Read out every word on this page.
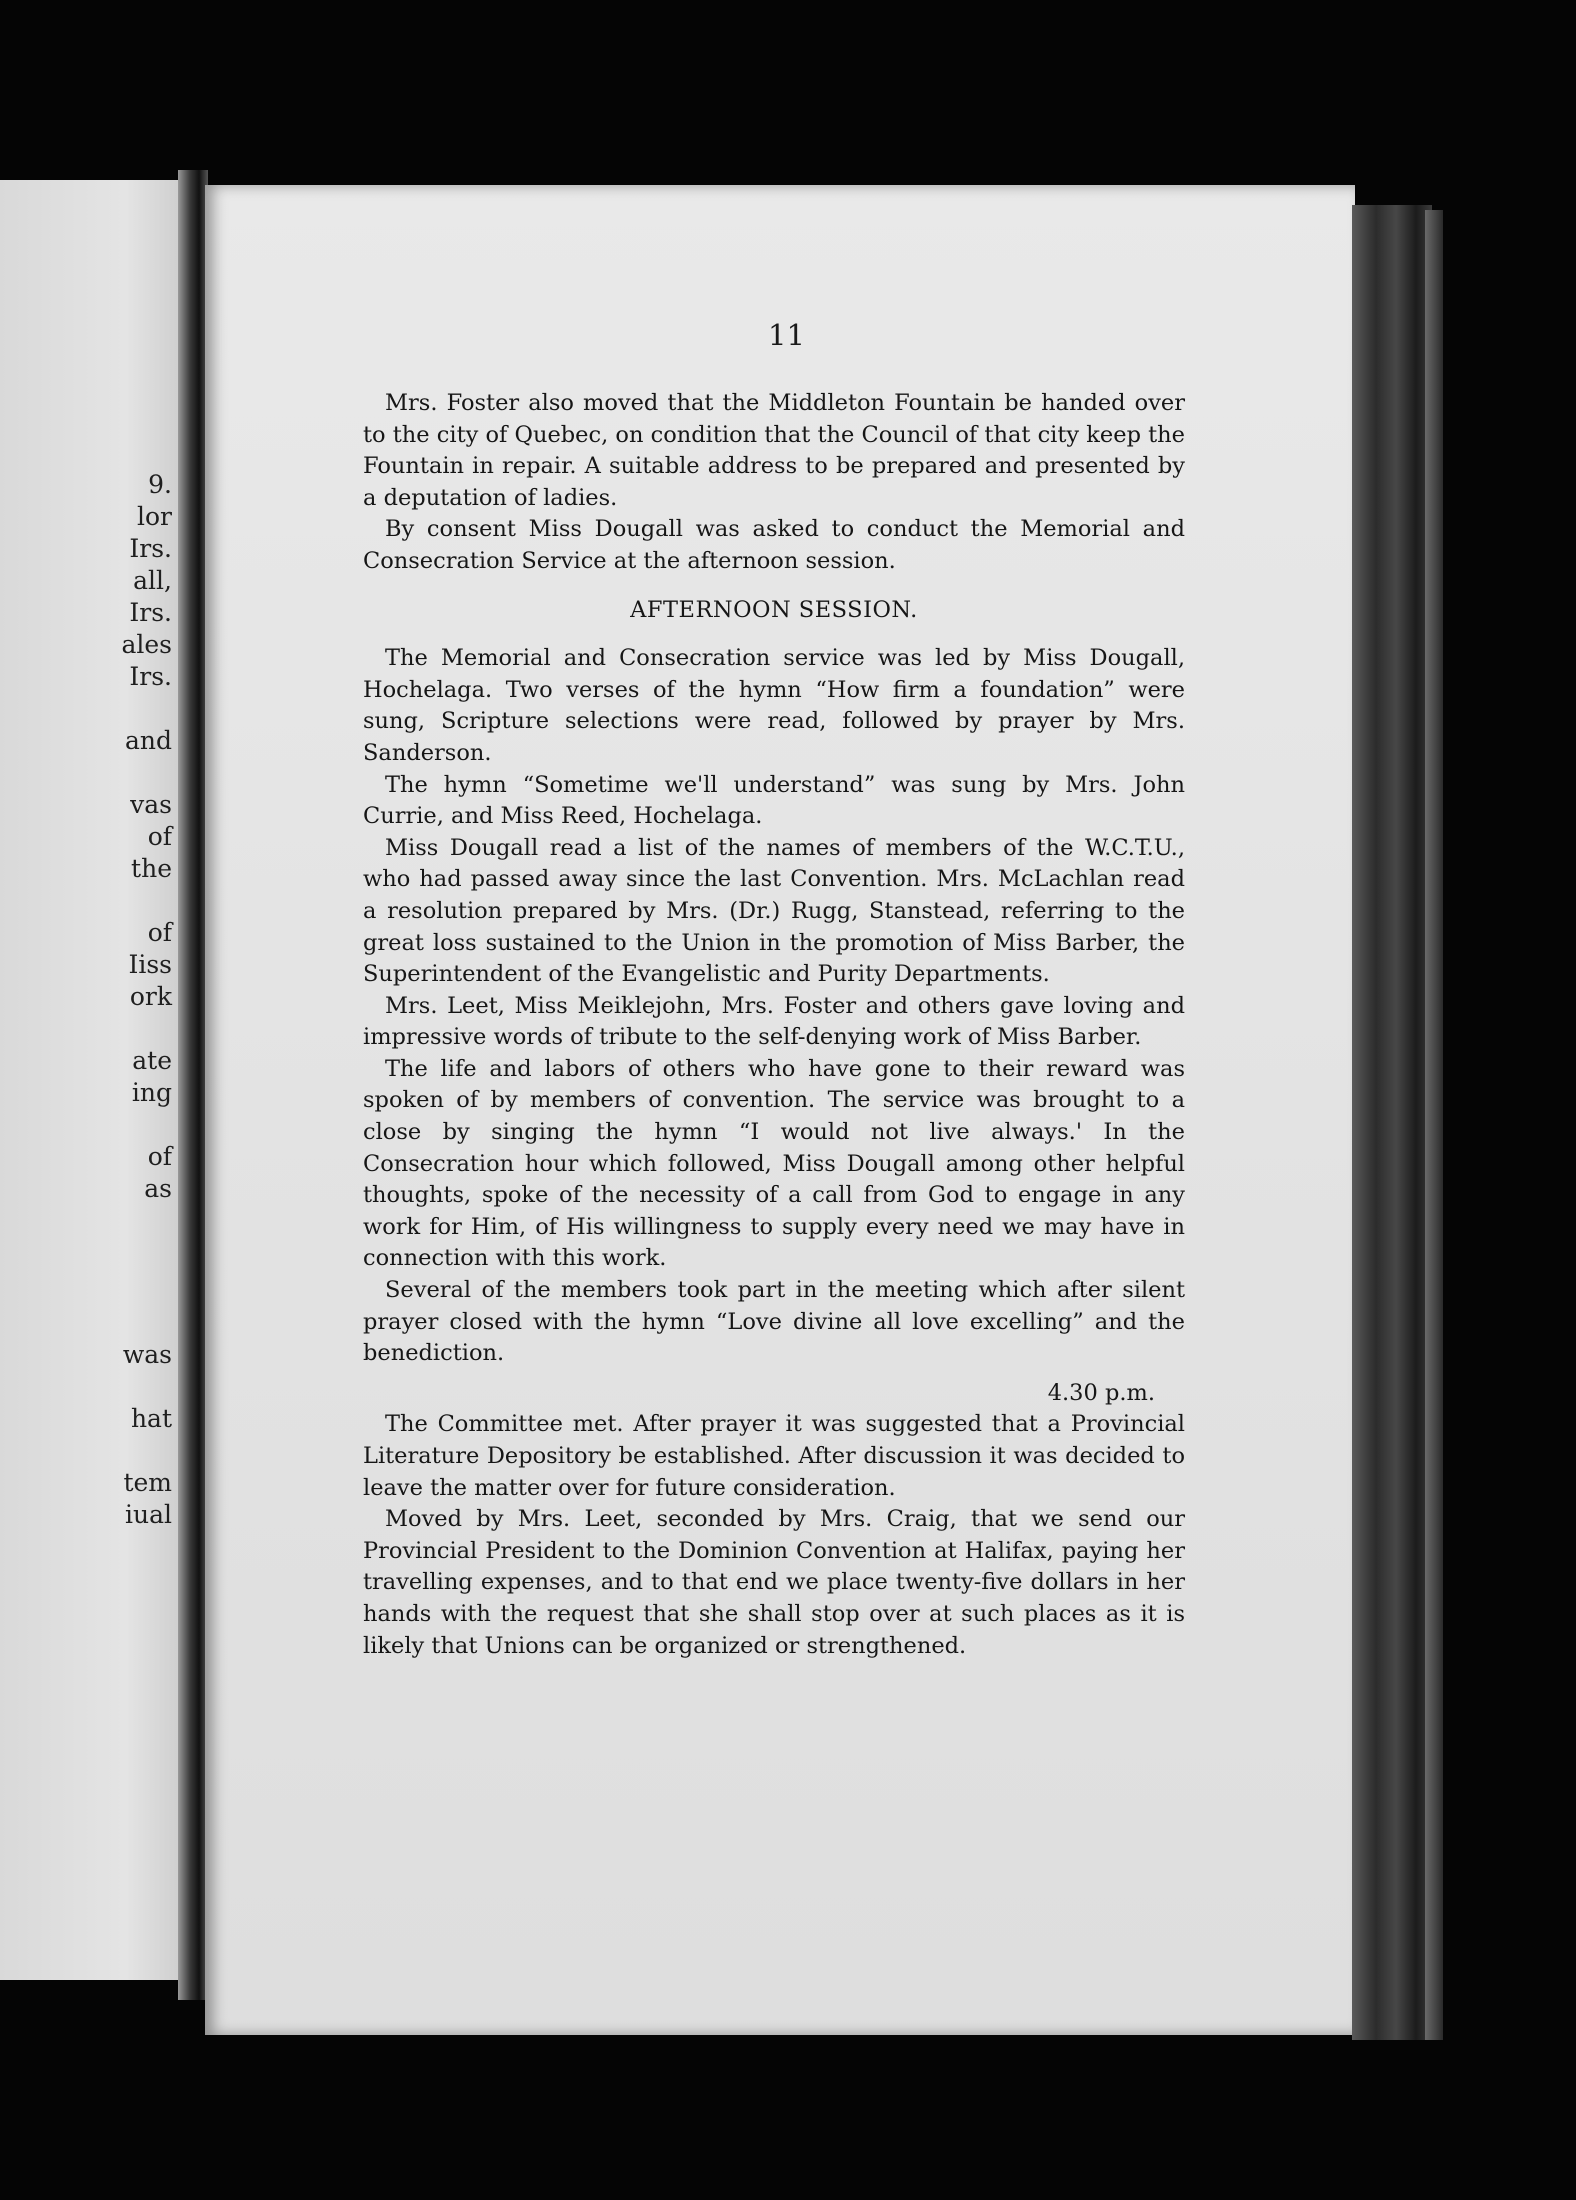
9.
lor
Irs.
all,
Irs.
ales
Irs.
and
vas
of
the
of
Iiss
ork
ate
ing
of
as
was
hat
tem
iual
11

Mrs. Foster also moved that the Middleton Fountain be handed over to the city of Quebec, on condition that the Council of that city keep the Fountain in repair. A suitable address to be prepared and presented by a deputation of ladies.

By consent Miss Dougall was asked to conduct the Memorial and Consecration Service at the afternoon session.

AFTERNOON SESSION.

The Memorial and Consecration service was led by Miss Dougall, Hochelaga. Two verses of the hymn “How firm a foundation” were sung, Scripture selections were read, followed by prayer by Mrs. Sanderson.

The hymn “Sometime we'll understand” was sung by Mrs. John Currie, and Miss Reed, Hochelaga.

Miss Dougall read a list of the names of members of the W.C.T.U., who had passed away since the last Convention. Mrs. McLachlan read a resolution prepared by Mrs. (Dr.) Rugg, Stanstead, referring to the great loss sustained to the Union in the promotion of Miss Barber, the Superintendent of the Evangelistic and Purity Departments.

Mrs. Leet, Miss Meiklejohn, Mrs. Foster and others gave loving and impressive words of tribute to the self-denying work of Miss Barber.

The life and labors of others who have gone to their reward was spoken of by members of convention. The service was brought to a close by singing the hymn “I would not live always.' In the Consecration hour which followed, Miss Dougall among other helpful thoughts, spoke of the necessity of a call from God to engage in any work for Him, of His willingness to supply every need we may have in connection with this work.

Several of the members took part in the meeting which after silent prayer closed with the hymn “Love divine all love excelling” and the benediction.

4.30 p.m.

The Committee met. After prayer it was suggested that a Provincial Literature Depository be established. After discussion it was decided to leave the matter over for future consideration.

Moved by Mrs. Leet, seconded by Mrs. Craig, that we send our Provincial President to the Dominion Convention at Halifax, paying her travelling expenses, and to that end we place twenty-five dollars in her hands with the request that she shall stop over at such places as it is likely that Unions can be organized or strengthened.
